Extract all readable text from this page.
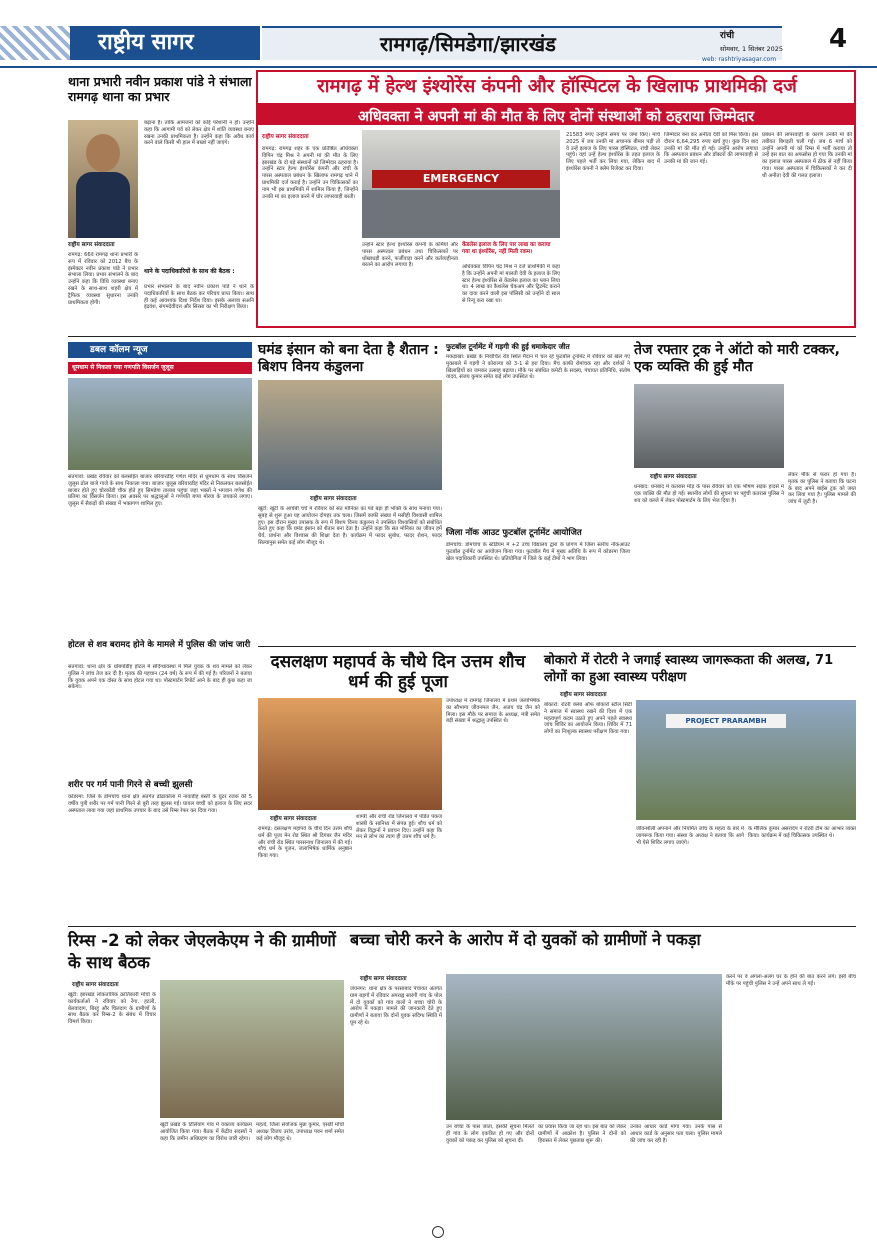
राष्ट्रीय सागर	रामगढ़/सिमडेगा/झारखंड	रांची
सोमवार, 1 सितंबर 2025
web: rashtriyasagar.com
4
थाना प्रभारी नवीन प्रकाश पांडे ने संभाला रामगढ़ थाना का प्रभार
बढ़ाना है। ताकि आमजनों को कोई परेशानी न हो। उन्होंने कहा कि आगामी पर्व को लेकर क्षेत्र में शांति व्यवस्था बनाए रखना उनकी प्राथमिकता है। उन्होंने कहा कि अवैध कार्य करने वाले किसी भी हाल में बख्शे नहीं जाएंगे।
राष्ट्रीय सागर संवाददाता
रामगढ़: 66वें रामगढ़ थाना प्रभारी के रूप में रविवार को 2012 बैच के इंस्पेक्टर नवीन प्रकाश पांडे ने प्रभार संभाला लिया। प्रभार संभालने के बाद उन्होंने कहा कि विधि व्यवस्था बनाए रखने के साथ-साथ शहरी क्षेत्र में ट्रैफिक व्यवस्था सुधारना उनकी प्राथमिकता होगी।
थाने के पदाधिकारियों के साथ की बैठक :
प्रभार संभालने के बाद नवीन प्रकाश पांडे ने थाने के पदाधिकारियों के साथ बैठक कर परिचय प्राप्त किया। साथ ही कई आवश्यक दिशा निर्देश दिया। इसके अलावा सअनि इंद्रवंश, संगमदेवीदत्त और सिरसा का भी निरीक्षण किया।
रामगढ़ में हेल्थ इंश्योरेंस कंपनी और हॉस्पिटल के खिलाफ प्राथमिकी दर्ज
अधिवक्ता ने अपनी मां की मौत के लिए दोनों संस्थाओं को ठहराया जिम्मेदार
राष्ट्रीय सागर संवाददाता
रामगढ़: रामगढ़ शहर के एक प्रतिष्ठित अधिवक्ता विपिन चंद्र मिश्र ने अपनी मां की मौत के लिए झारखंड के दो बड़े संस्थानों को जिम्मेदार ठहराया है। उन्होंने स्टार हेल्थ इंश्योरेंस कंपनी और रांची के पारस अस्पताल प्रबंधन के खिलाफ रामगढ़ थाने में प्राथमिकी दर्ज कराई है। उन्होंने उन चिकित्सकों का नाम भी इस प्राथमिकी में शामिल किया है, जिन्होंने उनकी मां का इलाज करने में घोर लापरवाही बरती।
EMERGENCY
उन्होंने स्टार हेल्थ इंश्योरेंस कंपनी के कर्मियों और पारस अस्पताल प्रबंधन तथा चिकित्सकों पर धोखाधड़ी करने, फर्जीवाड़ा करने और कर्तव्यहीनता बरतने का आरोप लगाया है।
केंडलेस इलाज के लिए पार लाख का कराया गया था इंश्योरेंस, नहीं मिली रकम।
अधिवक्ता विपिन चंद्र मिश्र ने दर्ज प्राथमिकी में कहा है कि उन्होंने अपनी मां मालती देवी के इलाज के लिए स्टार हेल्थ इंश्योरेंस से केंडलेस इलाज का प्लान लिया था। 4 लाख का कैशलेस चेकअप और ट्रिटमेंट कराने का दावा करने वाली इस पॉलिसी को उन्होंने दो साल से रिन्यू करा रखा था।
21583 रुपए उन्होंने समय पर जमा किए। मार्च 2025 में जब उनकी मां अचानक बीमार पड़ीं तो वे उन्हें इलाज के लिए पारस हॉस्पिटल, रांची लेकर पहुंचे। वहां उन्हें हेल्थ इंश्योरेंस के तहत इलाज के लिए पहले भर्ती कर लिया गया, लेकिन बाद में इंश्योरेंस कंपनी ने क्लेम रिजेक्ट कर दिया।
जिम्मेदार बना कर अनीता देवी को मिस किया। इस दौरान 6,64,295 रुपए खर्च हुए। कुछ दिन बाद उनकी मां की मौत हो गई। उन्होंने आरोप लगाया कि अस्पताल प्रबंधन और डॉक्टरों की लापरवाही से उनकी मां की जान गई।
प्रबंधन की लापरवाही के कारण उनकी मां की तबीयत बिगड़ती चली गई। जब 6 मार्च को उन्होंने अपनी मां को रिम्स में भर्ती कराया तो उन्हें इस बात का अफसोस हो गया कि उनकी मां का इलाज पारस अस्पताल में ठीक से नहीं किया गया। पारस अस्पताल में चिकित्सकों ने कर दी थी अनीता देवी की गलत इलाज।
डबल कॉलम न्यूज
धूमधाम से निकला गया गणपति विसर्जन जुलूस
सतगावां: प्रखंड रविवार को बलसोईत बाजार बरियारडीह गणेश मंदिर से धूमधाम के साथ विसर्जन जुलूस ढोल बाजे गाजे के साथ निकाला गया। बाजार जुलूस बरियारडीह मंदिर से निकलकर बलसोईत बाजार होते हुए चोरकोंडी चौक होते हुए सिमडेगा तालाब पहुंचा जहां भक्तों ने भगवान गणेश की प्रतिमा का विसर्जन किया। इस अवसर पर श्रद्धालुओं ने गणपति बप्पा मोरया के जयकारे लगाए। जुलूस में सैकड़ों की संख्या में भक्तगण शामिल हुए।
होटल से शव बरामद होने के मामले में पुलिस की जांच जारी
सतगावां: थाना क्षेत्र के धोबपोडीह होटल में संदिग्धावस्था में मिले युवक के शव मामले को लेकर पुलिस ने जांच तेज कर दी है। मृतक की पहचान (24 वर्ष) के रूप में की गई है। परिजनों ने बताया कि युवक अपने एक दोस्त के साथ होटल गया था। पोस्टमार्टम रिपोर्ट आने के बाद ही कुछ कहा जा सकेगा।
शरीर पर गर्म पानी गिरने से बच्ची झुलसी
कोडरमा: जिले के डोमचांच थाना क्षेत्र अंतर्गत ढोढाकोला में नावाडीह बस्ती के घुटर रजक की 5 वर्षीय पुत्री शरीर पर गर्म पानी गिरने से बुरी तरह झुलस गई। घायल बच्ची को इलाज के लिए सदर अस्पताल लाया गया जहां प्राथमिक उपचार के बाद उसे रिम्स रेफर कर दिया गया।
घमंड इंसान को बना देता है शैतान : बिशप विनय कंडुलना
राष्ट्रीय सागर संवाददाता
खूंटी: खूंटी के आर्चबी चर्च में रविवार को संत मोनिका का पर्व बड़ा ही भक्ति के साथ मनाया गया। सुबह से शुरू हुआ यह आयोजन दोपहर तक चला। जिसमें काफी संख्या में मसीही विश्वासी शामिल हुए। इस दौरान मुख्य उपासक के रूप में बिशप विनय कंडुलना ने उपस्थित विश्वासियों को संबोधित करते हुए कहा कि घमंड इंसान को शैतान बना देता है। उन्होंने कहा कि संत मोनिका का जीवन हमें धैर्य, प्रार्थना और विश्वास की शिक्षा देता है। कार्यक्रम में फादर सुबोध, फादर रोशन, फादर सिल्वानुस समेत कई लोग मौजूद थे।
फुटबॉल टूर्नामेंट में गड़गी की हुई धमाकेदार जीत
मकड़ाखां: प्रखंड के निर्वाचित रोड स्थित मैदान में चल रहे फुटबॉल टूर्नामेंट में रविवार को खेले गए मुकाबले में गड़गी ने कोराल्या को 3-1 से हरा दिया। मैच काफी रोमांचक रहा और दर्शकों ने खिलाड़ियों का जमकर उत्साह बढ़ाया। मौके पर संबंधित कमेटी के सदस्य, पंचायत प्रतिनिधि, संतोष यादव, संजय कुमार समेत कई लोग उपस्थित थे।
जिला नॉक आउट फुटबॉल टूर्नामेंट आयोजित
डोमचांच: डोमचांच के स्टेडियम में +2 उच्च विद्यालय द्वारा के प्रांगण में जिला स्तरीय नॉकआउट फुटबॉल टूर्नामेंट का आयोजन किया गया। फुटबॉल मैच में मुख्य अतिथि के रूप में कोडरमा जिला खेल पदाधिकारी उपस्थित थे। प्रतियोगिता में जिले के कई टीमों ने भाग लिया।
तेज रफ्तार ट्रक ने ऑटो को मारी टक्कर, एक व्यक्ति की हुई मौत
लेकर मौके से फरार हो गया है। मृतक का पुलिस ने बताया कि घटना के बाद अपने बाईस ट्रक को जब्त कर लिया गया है। पुलिस मामले की जांच में जुटी है।
राष्ट्रीय सागर संवाददाता
धनबाद: धनबाद में कतरास मोड़ के पास रविवार को एक भीषण सड़क हादसे में एक व्यक्ति की मौत हो गई। स्थानीय लोगों की सूचना पर पहुंची कतरास पुलिस ने शव को कब्जे में लेकर पोस्टमार्टम के लिए भेज दिया है।
दसलक्षण महापर्व के चौथे दिन उत्तम शौच धर्म की हुई पूजा
राष्ट्रीय सागर संवाददाता
रामगढ़: दसलक्षण महापर्व के चौथे दिन उत्तम शौच धर्म की पूजा मेन रोड स्थित श्री दिगंबर जैन मंदिर और रांची रोड स्थित पारसनाथ जिनालय में की गई। शौच धर्म के पूजन, जलाभिषेक धार्मिक अनुष्ठान किया गया।
शाम्त्री और रांची रोड जिनालय में पंडित पंकज शास्त्री के सानिध्य में संपन्न हुई। शौच धर्म को लेकर विद्वानों ने प्रवचन दिए। उन्होंने कहा कि मन से लोभ का त्याग ही उत्तम शौच धर्म है।
उपाध्यक्ष में रामगढ़ जिनालय में प्रथम जलाभिषेक का सौभाग्य जीवनमल जैन, अजय चंद्र जैन को मिला। इस मौके पर समाज के अध्यक्ष, मंत्री समेत बड़ी संख्या में श्रद्धालु उपस्थित थे।
बोकारो में रोटरी ने जगाई स्वास्थ्य जागरूकता की अलख, 71 लोगों का हुआ स्वास्थ्य परीक्षण
राष्ट्रीय सागर संवाददाता
बोकारो: रोटरी क्लब ऑफ बोकारो स्टील सिटी ने समाज में स्वास्थ्य रखने की दिशा में एक महत्वपूर्ण कदम उठाते हुए अपने पहले स्वास्थ्य जांच शिविर का आयोजन किया। शिविर में 71 लोगों का निःशुल्क स्वास्थ्य परीक्षण किया गया।
PROJECT PRARAMBH
जीवनशैली अपनाने और नियमित जांच के महत्व के बारे में जागरूक किया गया। संस्था के अध्यक्ष ने बताया कि आगे भी ऐसे शिविर लगाए जाएंगे।
के मौलिक कुमार असरादेप ने रोटरी टीम का आभार व्यक्त किया। कार्यक्रम में कई चिकित्सक उपस्थित थे।
रिम्स -2 को लेकर जेएलकेएम ने की ग्रामीणों के साथ बैठक
राष्ट्रीय सागर संवाददाता
खूंटी: झारखंड लोकतांत्रिक क्रांतिकारी मोर्चा के कार्यकर्ताओं ने रविवार को रेंगा, हटली, बेलवादाग, बिरहू और चिलदाग के ग्रामीणों के साथ बैठक कर रिम्स-2 के संबंध में विचार विमर्श किया।
खूंटी प्रखंड के टिलियांग गांव में वक्तव्य कार्यक्रम आयोजित किया गया। बैठक में केंद्रीय सदस्यों ने कहा कि जमीन अधिग्रहण का विरोध जारी रहेगा।
महतो, जिला संयोजक मुन्ना कुमार, एसडी मोर्चा अध्यक्ष विजय उरांव, उपाध्यक्ष पवन शर्मा समेत कई लोग मौजूद थे।
बच्चा चोरी करने के आरोप में दो युवकों को ग्रामीणों ने पकड़ा
राष्ट्रीय सागर संवाददाता
जयनगर: थाना क्षेत्र के परसाबाद पंचायत अंतर्गत ग्राम बड़गाँ में रविवार अपराह्न सारंगी गांव के पोल में दो युवकों को गांव वालों ने बच्चा चोरी के आरोप में पकड़ा। मामले की जानकारी देते हुए ग्रामीणों ने बताया कि दोनों युवक संदिग्ध स्थिति में घूम रहे थे।
उन बच्चा के पास जाता, इसकी सूचना मिलते ही गांव के लोग एकत्रित हो गए और दोनों युवकों को पकड़ कर पुलिस को सूचना दी।
का प्रयास किया जा रहा था। इस बात को लेकर ग्रामीणों में आक्रोश है। पुलिस ने दोनों को हिरासत में लेकर पूछताछ शुरू की।
उनका आधार कार्ड मांगा गया। उनके पास से आधार कार्ड के अनुसार पता चला। पुलिस मामले की जांच कर रही है।
करने पर वे अंगला-अलग घर के होने की बात करने लगे। इसी बीच मौके पर पहुंची पुलिस ने उन्हें अपने साथ ले गई।
